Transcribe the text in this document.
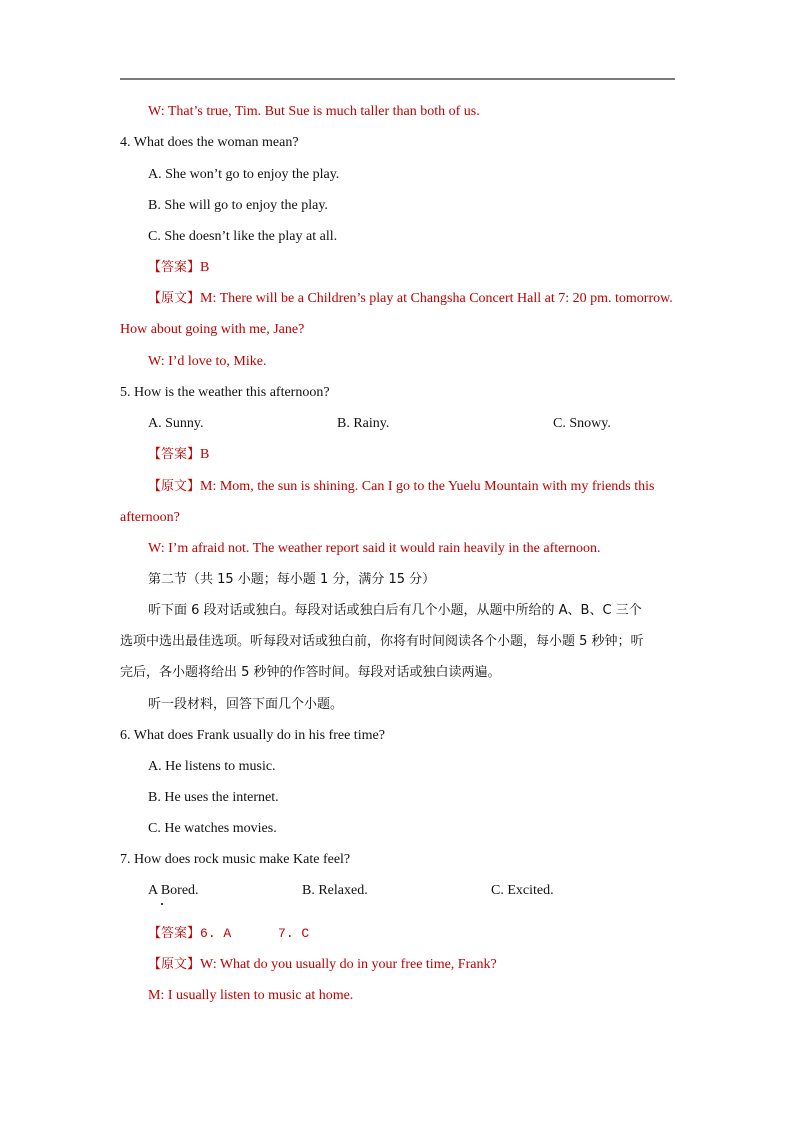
W: That’s true, Tim. But Sue is much taller than both of us.
4. What does the woman mean?
A. She won’t go to enjoy the play.
B. She will go to enjoy the play.
C. She doesn’t like the play at all.
【答案】B
【原文】M: There will be a Children’s play at Changsha Concert Hall at 7: 20 pm. tomorrow.
How about going with me, Jane?
W: I’d love to, Mike.
5. How is the weather this afternoon?
A. Sunny.	B. Rainy.	C. Snowy.
【答案】B
【原文】M: Mom, the sun is shining. Can I go to the Yuelu Mountain with my friends this
afternoon?
W: I’m afraid not. The weather report said it would rain heavily in the afternoon.
第二节（共 15 小题；每小题 1 分，满分 15 分）
听下面 6 段对话或独白。每段对话或独白后有几个小题，从题中所给的 A、B、C 三个
选项中选出最佳选项。听每段对话或独白前，你将有时间阅读各个小题，每小题 5 秒钟；听
完后，各小题将给出 5 秒钟的作答时间。每段对话或独白读两遍。
听一段材料，回答下面几个小题。
6. What does Frank usually do in his free time?
A. He listens to music.
B. He uses the internet.
C. He watches movies.
7. How does rock music make Kate feel?
A Bored.	B. Relaxed.	C. Excited.
【答案】6. A      7. C
【原文】W: What do you usually do in your free time, Frank?
M: I usually listen to music at home.
